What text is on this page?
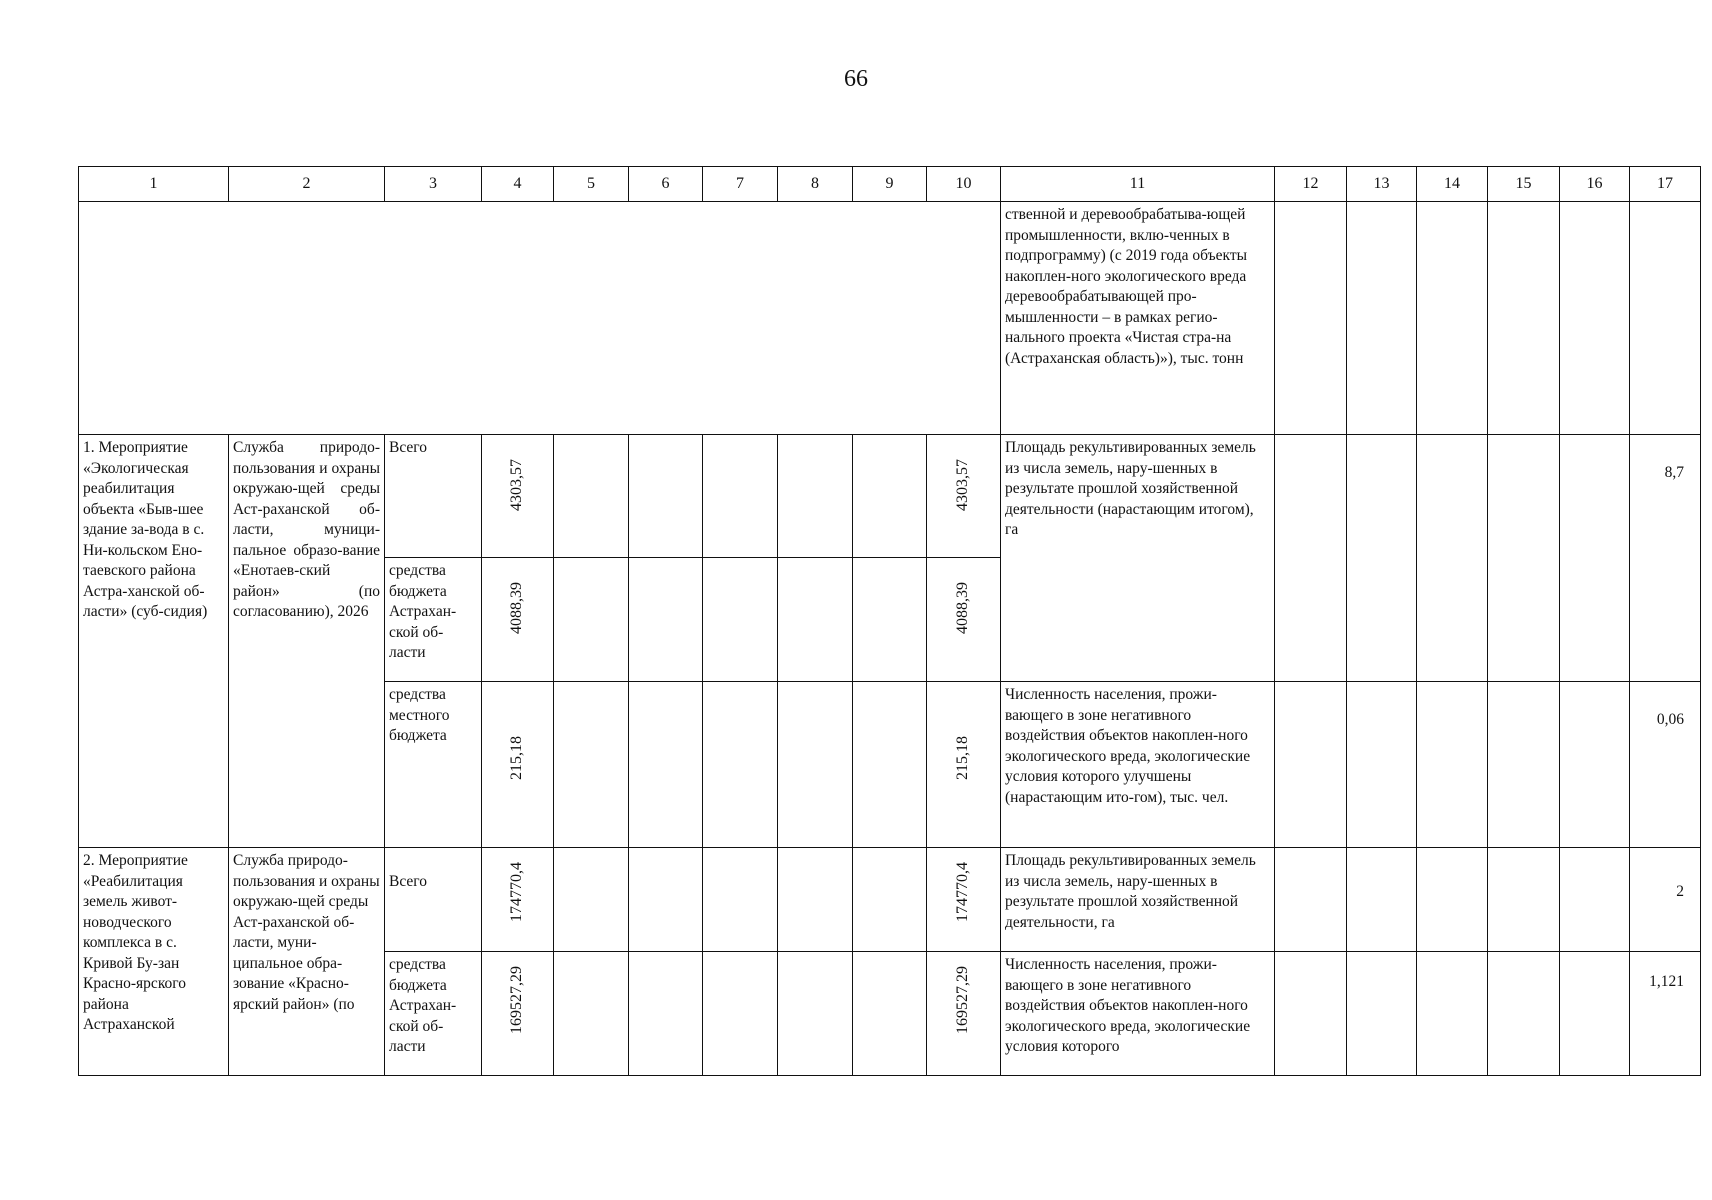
66
1	2	3	4	5	6	7	8	9	10	11	12	13	14	15	16	17
										ственной и деревообрабатыва-ющей промышленности, вклю-ченных в подпрограмму) (с 2019 года объекты накоплен-ного экологического вреда деревообрабатывающей про-мышленности – в рамках регио-нального проекта «Чистая стра-на (Астраханская область)»), тыс. тонн						
1. Мероприятие «Экологическая реабилитация объекта «Быв-шее здание за-вода в с. Ни-кольском Ено-таевского района Астра-ханской об-ласти» (суб-сидия)	Служба природо-пользования и охраны окружаю-щей среды Аст-раханской об-ласти, муници-пальное образо-вание «Енотаев-ский район» (по согласованию), 2026	Всего	4303,57						4303,57	Площадь рекультивированных земель из числа земель, нару-шенных в результате прошлой хозяйственной деятельности (нарастающим итогом), га						8,7
		средства бюджета Астрахан-ской об-ласти	4088,39						4088,39							
		средства местного бюджета	215,18						215,18	Численность населения, прожи-вающего в зоне негативного воздействия объектов накоплен-ного экологического вреда, экологические условия которого улучшены (нарастающим ито-гом), тыс. чел.						0,06
2. Мероприятие «Реабилитация земель живот-новодческого комплекса в с. Кривой Бу-зан Красно-ярского района Астраханской	Служба природо-пользования и охраны окружаю-щей среды Аст-раханской об-ласти, муни-ципальное обра-зование «Красно-ярский район» (по	Всего	174770,4						174770,4	Площадь рекультивированных земель из числа земель, нару-шенных в результате прошлой хозяйственной деятельности, га						2
		средства бюджета Астрахан-ской об-ласти	169527,29						169527,29	Численность населения, прожи-вающего в зоне негативного воздействия объектов накоплен-ного экологического вреда, экологические условия которого						1,121
